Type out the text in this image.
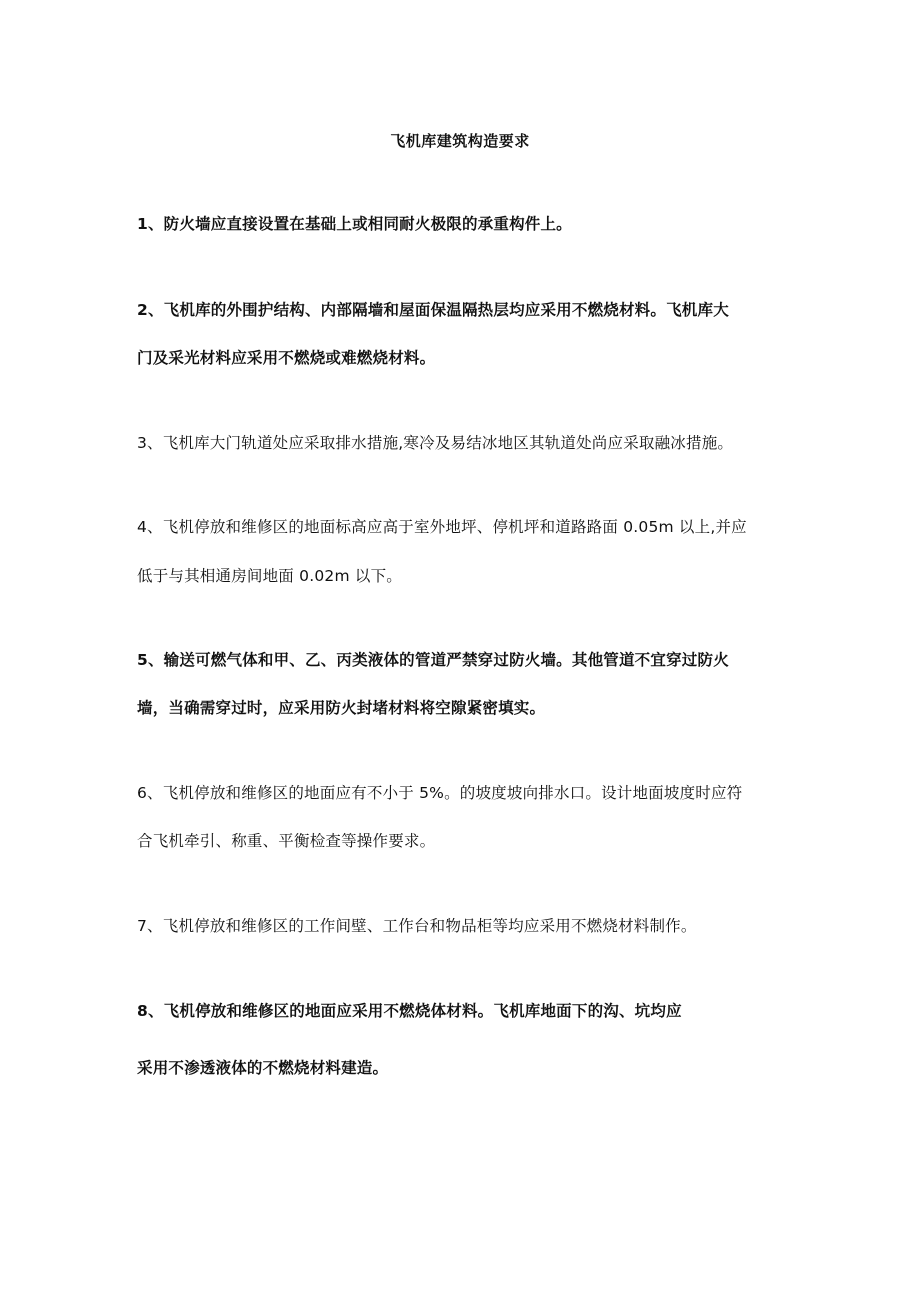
飞机库建筑构造要求
1、防火墙应直接设置在基础上或相同耐火极限的承重构件上。
2、飞机库的外围护结构、内部隔墙和屋面保温隔热层均应采用不燃烧材料。飞机库大
门及采光材料应采用不燃烧或难燃烧材料。
3、飞机库大门轨道处应采取排水措施,寒冷及易结冰地区其轨道处尚应采取融冰措施。
4、飞机停放和维修区的地面标高应高于室外地坪、停机坪和道路路面 0.05m 以上,并应
低于与其相通房间地面 0.02m 以下。
5、输送可燃气体和甲、乙、丙类液体的管道严禁穿过防火墙。其他管道不宜穿过防火
墙，当确需穿过时，应采用防火封堵材料将空隙紧密填实。
6、飞机停放和维修区的地面应有不小于 5%。的坡度坡向排水口。设计地面坡度时应符
合飞机牵引、称重、平衡检查等操作要求。
7、飞机停放和维修区的工作间壁、工作台和物品柜等均应采用不燃烧材料制作。
8、飞机停放和维修区的地面应采用不燃烧体材料。飞机库地面下的沟、坑均应
采用不渗透液体的不燃烧材料建造。
